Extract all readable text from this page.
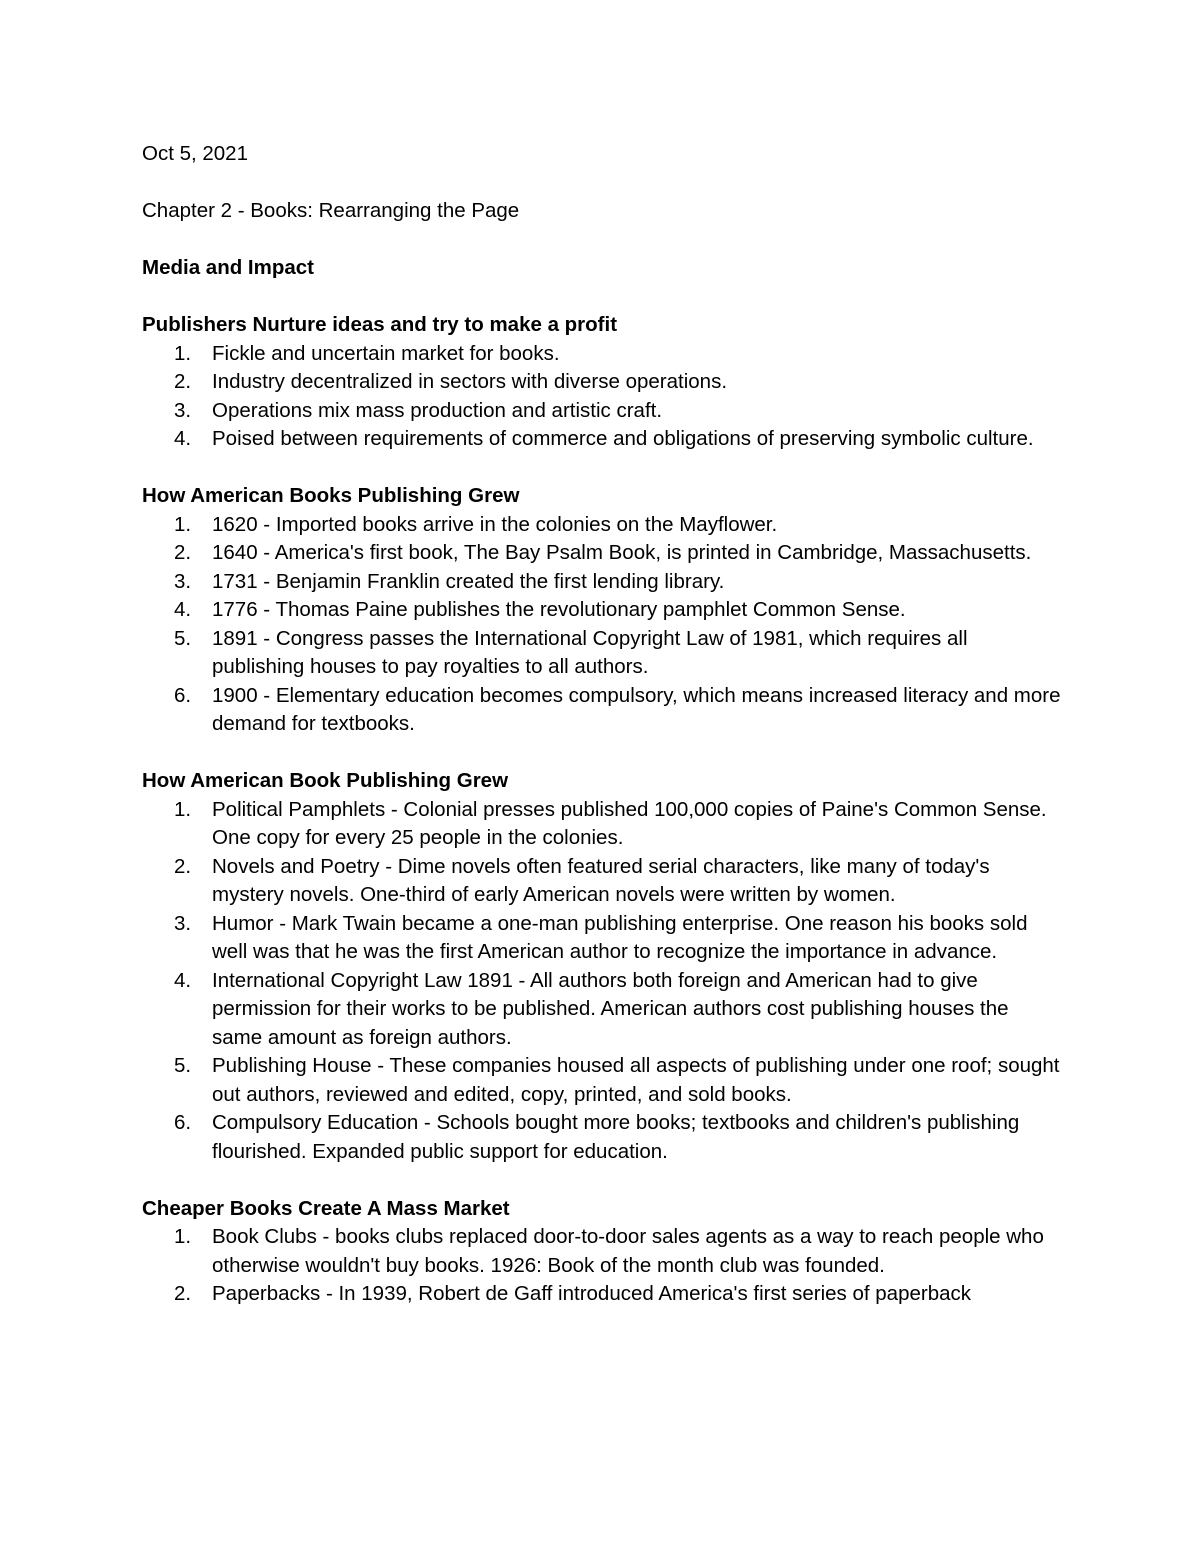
Oct 5, 2021

Chapter 2 - Books: Rearranging the Page

Media and Impact

Publishers Nurture ideas and try to make a profit

1.	Fickle and uncertain market for books.
2.	Industry decentralized in sectors with diverse operations.
3.	Operations mix mass production and artistic craft.
4.	Poised between requirements of commerce and obligations of preserving symbolic culture.

How American Books Publishing Grew

1.	1620 - Imported books arrive in the colonies on the Mayflower.
2.	1640 - America's first book, The Bay Psalm Book, is printed in Cambridge, Massachusetts.
3.	1731 - Benjamin Franklin created the first lending library.
4.	1776 - Thomas Paine publishes the revolutionary pamphlet Common Sense.
5.	1891 - Congress passes the International Copyright Law of 1981, which requires all publishing houses to pay royalties to all authors.
6.	1900 - Elementary education becomes compulsory, which means increased literacy and more demand for textbooks.

How American Book Publishing Grew

1.	Political Pamphlets - Colonial presses published 100,000 copies of Paine's Common Sense. One copy for every 25 people in the colonies.
2.	Novels and Poetry - Dime novels often featured serial characters, like many of today's mystery novels. One-third of early American novels were written by women.
3.	Humor - Mark Twain became a one-man publishing enterprise. One reason his books sold well was that he was the first American author to recognize the importance in advance.
4.	International Copyright Law 1891 - All authors both foreign and American had to give permission for their works to be published. American authors cost publishing houses the same amount as foreign authors.
5.	Publishing House - These companies housed all aspects of publishing under one roof; sought out authors, reviewed and edited, copy, printed, and sold books.
6.	Compulsory Education - Schools bought more books; textbooks and children's publishing flourished. Expanded public support for education.

Cheaper Books Create A Mass Market

1.	Book Clubs - books clubs replaced door-to-door sales agents as a way to reach people who otherwise wouldn't buy books. 1926: Book of the month club was founded.
2.	Paperbacks - In 1939, Robert de Gaff introduced America's first series of paperback
